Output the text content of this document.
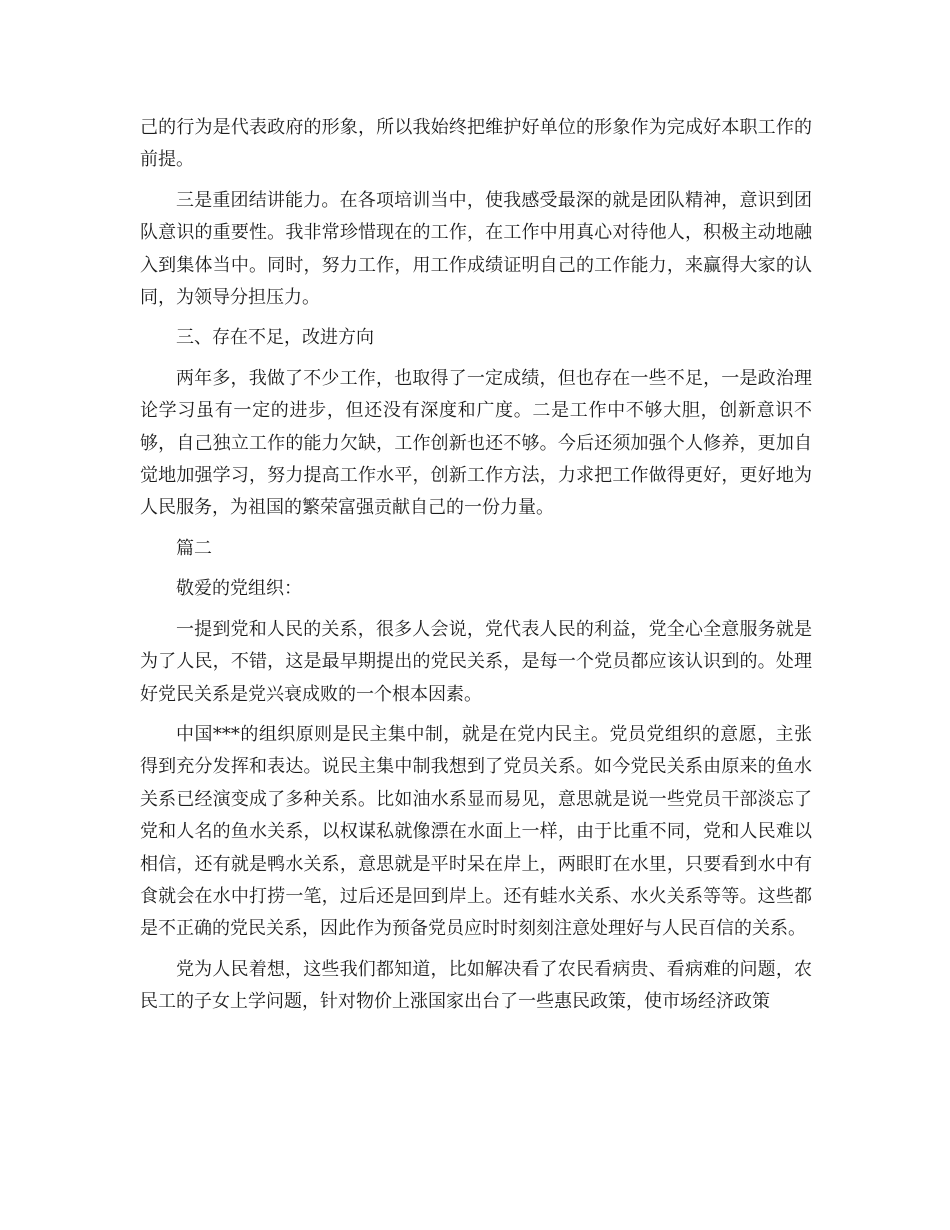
己的行为是代表政府的形象，所以我始终把维护好单位的形象作为完成好本职工作的前提。

三是重团结讲能力。在各项培训当中，使我感受最深的就是团队精神，意识到团队意识的重要性。我非常珍惜现在的工作，在工作中用真心对待他人，积极主动地融入到集体当中。同时，努力工作，用工作成绩证明自己的工作能力，来赢得大家的认同，为领导分担压力。

三、存在不足，改进方向

两年多，我做了不少工作，也取得了一定成绩，但也存在一些不足，一是政治理论学习虽有一定的进步，但还没有深度和广度。二是工作中不够大胆，创新意识不够，自己独立工作的能力欠缺，工作创新也还不够。今后还须加强个人修养，更加自觉地加强学习，努力提高工作水平，创新工作方法，力求把工作做得更好，更好地为人民服务，为祖国的繁荣富强贡献自己的一份力量。

篇二

敬爱的党组织：

一提到党和人民的关系，很多人会说，党代表人民的利益，党全心全意服务就是为了人民，不错，这是最早期提出的党民关系，是每一个党员都应该认识到的。处理好党民关系是党兴衰成败的一个根本因素。

中国***的组织原则是民主集中制，就是在党内民主。党员党组织的意愿，主张得到充分发挥和表达。说民主集中制我想到了党员关系。如今党民关系由原来的鱼水关系已经演变成了多种关系。比如油水系显而易见，意思就是说一些党员干部淡忘了党和人名的鱼水关系，以权谋私就像漂在水面上一样，由于比重不同，党和人民难以相信，还有就是鸭水关系，意思就是平时呆在岸上，两眼盯在水里，只要看到水中有食就会在水中打捞一笔，过后还是回到岸上。还有蛙水关系、水火关系等等。这些都是不正确的党民关系，因此作为预备党员应时时刻刻注意处理好与人民百信的关系。

党为人民着想，这些我们都知道，比如解决看了农民看病贵、看病难的问题，农民工的子女上学问题，针对物价上涨国家出台了一些惠民政策，使市场经济政策
